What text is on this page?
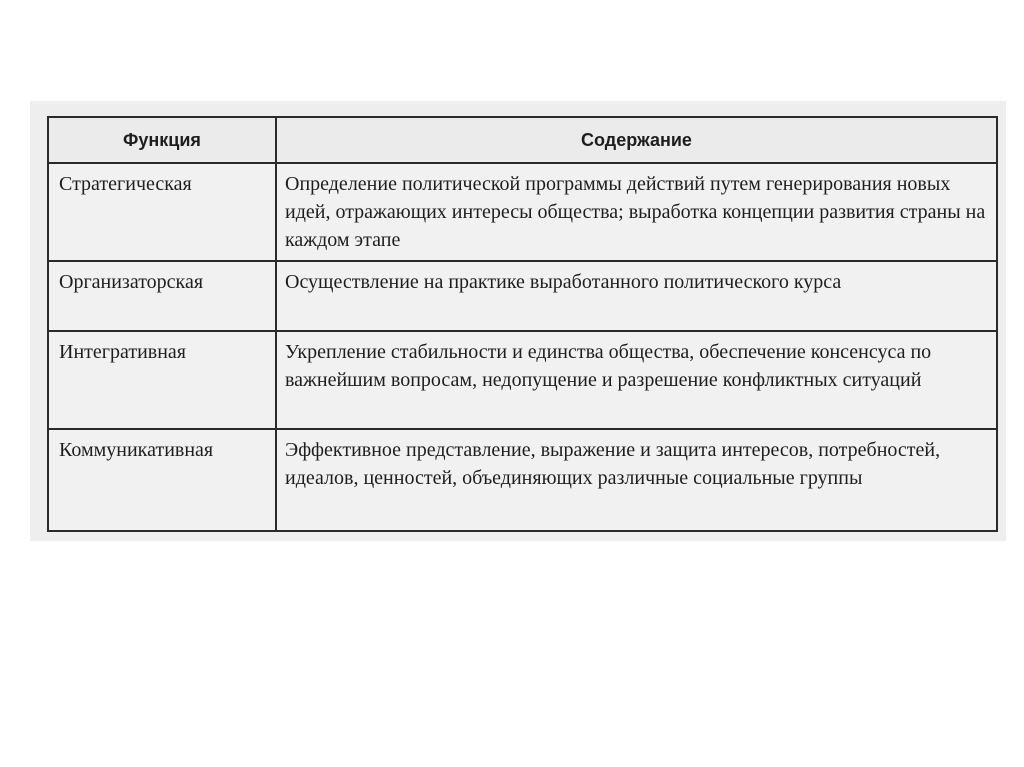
Функция	Содержание
Стратегическая	Определение политической программы действий путем генерирования новых идей, отражающих интересы общества; выработка концепции развития страны на каждом этапе
Организаторская	Осуществление на практике выработанного политического курса
Интегративная	Укрепление стабильности и единства общества, обеспечение консенсуса по важнейшим вопросам, недопущение и разрешение конфликтных ситуаций
Коммуникативная	Эффективное представление, выражение и защита интересов, потребностей, идеалов, ценностей, объединяющих различные социальные группы
